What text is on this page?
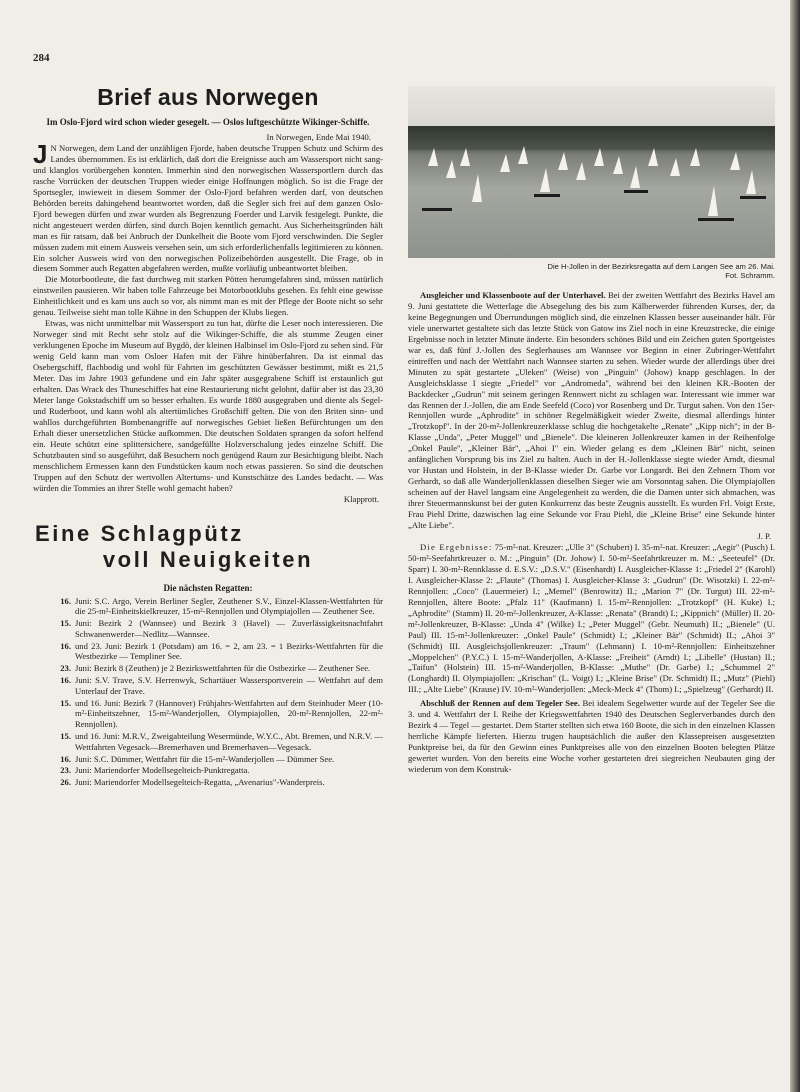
284
Brief aus Norwegen
Im Oslo-Fjord wird schon wieder gesegelt. — Oslos luftgeschützte Wikinger-Schiffe.
In Norwegen, Ende Mai 1940.

J N Norwegen, dem Land der unzähligen Fjorde, haben deutsche Truppen Schutz und Schirm des Landes übernommen. Es ist erklärlich, daß dort die Ereignisse auch am Wassersport nicht sang- und klanglos vorübergehen konnten. Immerhin sind den norwegischen Wassersportlern durch das rasche Vorrücken der deutschen Truppen wieder einige Hoffnungen möglich. So ist die Frage der Sportsegler, inwieweit in diesem Sommer der Oslo-Fjord befahren werden darf, von deutschen Behörden bereits dahingehend beantwortet worden, daß die Segler sich frei auf dem ganzen Oslo-Fjord bewegen dürfen und zwar wurden als Begrenzung Foerder und Larvik festgelegt. Punkte, die nicht angesteuert werden dürfen, sind durch Bojen kenntlich gemacht. Aus Sicherheitsgründen hält man es für ratsam, daß bei Anbruch der Dunkelheit die Boote vom Fjord verschwinden. Die Segler müssen zudem mit einem Ausweis versehen sein, um sich erforderlichenfalls legitimieren zu können. Ein solcher Ausweis wird von den norwegischen Polizeibehörden ausgestellt. Die Frage, ob in diesem Sommer auch Regatten abgefahren werden, mußte vorläufig unbeantwortet bleiben.

Die Motorbootleute, die fast durchweg mit starken Pötten herumgefahren sind, müssen natürlich einstweilen pausieren. Wir haben tolle Fahrzeuge bei Motorbootklubs gesehen. Es fehlt eine gewisse Einheitlichkeit und es kam uns auch so vor, als nimmt man es mit der Pflege der Boote nicht so sehr genau. Teilweise sieht man tolle Kähne in den Schuppen der Klubs liegen.

Etwas, was nicht unmittelbar mit Wassersport zu tun hat, dürfte die Leser noch interessieren. Die Norweger sind mit Recht sehr stolz auf die Wikinger-Schiffe, die als stumme Zeugen einer verklungenen Epoche im Museum auf Bygdö, der kleinen Halbinsel im Oslo-Fjord zu sehen sind. Für wenig Geld kann man vom Osloer Hafen mit der Fähre hinüberfahren. Da ist einmal das Osebergschiff, flachbodig und wohl für Fahrten im geschützten Gewässer bestimmt, mißt es 21,5 Meter. Das im Jahre 1903 gefundene und ein Jahr später ausgegrabene Schiff ist erstaunlich gut erhalten. Das Wrack des Thuneschiffes hat eine Restaurierung nicht gelohnt, dafür aber ist das 23,30 Meter lange Gokstadschiff um so besser erhalten. Es wurde 1880 ausgegraben und diente als Segel- und Ruderboot, und kann wohl als altertümliches Großschiff gelten. Die von den Briten sinn- und wahllos durchgeführten Bombenangriffe auf norwegisches Gebiet ließen Befürchtungen um den Erhalt dieser unersetzlichen Stücke aufkommen. Die deutschen Soldaten sprangen da sofort helfend ein. Heute schützt eine splittersichere, sandgefüllte Holzverschalung jedes einzelne Schiff. Die Schutzbauten sind so ausgeführt, daß Besuchern noch genügend Raum zur Besichtigung bleibt. Nach menschlichem Ermessen kann den Fundstücken kaum noch etwas passieren. So sind die deutschen Truppen auf den Schutz der wertvollen Altertums- und Kunstschätze des Landes bedacht. — Was würden die Tommies an ihrer Stelle wohl gemacht haben?

Klapprott.
Eine Schlagpütz
voll Neuigkeiten
Die nächsten Regatten:
16. Juni: S.C. Argo, Verein Berliner Segler, Zeuthener S.V., Einzel-Klassen-Wettfahrten für die 25-m²-Einheitskielkreuzer, 15-m²-Rennjollen und Olympiajollen — Zeuthener See.
15. Juni: Bezirk 2 (Wannsee) und Bezirk 3 (Havel) — Zuverlässigkeitsnachtfahrt Schwanenwerder—Nedlitz—Wannsee.
16. und 23. Juni: Bezirk 1 (Potsdam) am 16. = 2, am 23. = 1 Bezirks-Wettfahrten für die Westbezirke — Templiner See.
23. Juni: Bezirk 8 (Zeuthen) je 2 Bezirkswettfahrten für die Ostbezirke — Zeuthener See.
16. Juni: S.V. Trave, S.V. Herrenwyk, Schartäuer Wassersportverein — Wettfahrt auf dem Unterlauf der Trave.
15. und 16. Juni: Bezirk 7 (Hannover) Frühjahrs-Wettfahrten auf dem Steinhuder Meer (10-m²-Einheitszehner, 15-m²-Wanderjollen, Olympiajollen, 20-m²-Rennjollen, 22-m²-Rennjollen).
15. und 16. Juni: M.R.V., Zweigabteilung Wesermünde, W.Y.C., Abt. Bremen, und N.R.V. — Wettfahrten Vegesack—Bremerhaven und Bremerhaven—Vegesack.
16. Juni: S.C. Dümmer, Wettfahrt für die 15-m²-Wanderjollen — Dümmer See.
23. Juni: Mariendorfer Modellsegelteich-Punktregatta.
26. Juni: Mariendorfer Modellsegelteich-Regatta, „Avenarius"-Wanderpreis.
Die H-Jollen in der Bezirksregatta auf dem Langen See am 26. Mai.
Fot. Schramm.

Ausgleicher und Klassenboote auf der Unterhavel. Bei der zweiten Wettfahrt des Bezirks Havel am 9. Juni gestattete die Wetterlage die Absegelung des bis zum Kälberwerder führenden Kurses, der, da keine Begegnungen und Überrundungen möglich sind, die einzelnen Klassen besser auseinander hält. Für viele unerwartet gestaltete sich das letzte Stück von Gatow ins Ziel noch in eine Kreuzstrecke, die einige Ergebnisse noch in letzter Minute änderte. Ein besonders schönes Bild und ein Zeichen guten Sportgeistes war es, daß fünf J.-Jollen des Seglerhauses am Wannsee vor Beginn in einer Zubringer-Wettfahrt eintreffen und nach der Wettfahrt nach Wannsee starten zu sehen. Wieder wurde der allerdings über drei Minuten zu spät gestartete „Uleken" (Weise) von „Pinguin" (Johow) knapp geschlagen. In der Ausgleichsklasse I siegte „Friedel" vor „Andromeda", während bei den kleinen KR.-Booten der Backdecker „Gudrun" mit seinem geringen Rennwert nicht zu schlagen war. Interessant wie immer war das Rennen der J.-Jollen, die am Ende Seefeld (Coco) vor Rosenberg und Dr. Turgut sahen. Von den 15er-Rennjollen wurde „Aphrodite" in schöner Regelmäßigkeit wieder Zweite, diesmal allerdings hinter „Trotzkopf". In der 20-m²-Jollenkreuzerklasse schlug die hochgetakelte „Renate" „Kipp nich"; in der B-Klasse „Unda", „Peter Muggel" und „Bienele". Die kleineren Jollenkreuzer kamen in der Reihenfolge „Onkel Paule", „Kleiner Bär", „Ahoi I" ein. Wieder gelang es dem „Kleinen Bär" nicht, seinen anfänglichen Vorsprung bis ins Ziel zu halten. Auch in der H.-Jollenklasse siegte wieder Arndt, diesmal vor Hustan und Holstein, in der B-Klasse wieder Dr. Garbe vor Longardt. Bei den Zehnern Thom vor Gerhardt, so daß alle Wanderjollenklassen dieselben Sieger wie am Vorsonntag sahen. Die Olympiajollen scheinen auf der Havel langsam eine Angelegenheit zu werden, die die Damen unter sich abmachen, was ihrer Steuermannskunst bei der guten Konkurrenz das beste Zeugnis ausstellt. Es wurden Frl. Voigt Erste, Frau Piehl Dritte, dazwischen lag eine Sekunde vor Frau Piehl, die „Kleine Brise" eine Sekunde hinter „Alte Liebe".

J. P.

Die Ergebnisse: 75-m²-nat. Kreuzer: „Ulle 3" (Schubert) I. 35-m²-nat. Kreuzer: „Aegir" (Pusch) I. 50-m²-Seefahrtkreuzer o. M.: „Pinguin" (Dr. Johow) I. 50-m²-Seefahrtkreuzer m. M.: „Seeteufel" (Dr. Sparr) I. 30-m²-Rennklasse d. E.S.V.: „D.S.V." (Eisenhardt) I. Ausgleicher-Klasse 1: „Friedel 2" (Karohl) I. Ausgleicher-Klasse 2: „Flaute" (Thomas) I. Ausgleicher-Klasse 3: „Gudrun" (Dr. Wisotzki) I. 22-m²-Rennjollen: „Coco" (Lauermeier) I.; „Memel" (Benrowitz) II.; „Marion 7" (Dr. Turgut) III. 22-m²-Rennjollen, ältere Boote: „Pfalz 11" (Kaufmann) I. 15-m²-Rennjollen: „Trotzkopf" (H. Kuke) I.; „Aphrodite" (Stamm) II. 20-m²-Jollenkreuzer, A-Klasse: „Renata" (Brandt) I.; „Kippnich" (Müller) II. 20-m²-Jollenkreuzer, B-Klasse: „Unda 4" (Wilke) I.; „Peter Muggel" (Gebr. Neumuth) II.; „Bienele" (U. Paul) III. 15-m²-Jollenkreuzer: „Onkel Paule" (Schmidt) I.; „Kleiner Bär" (Schmidt) II.; „Ahoi 3" (Schmidt) III. Ausgleichsjollenkreuzer: „Traum" (Lehmann) I. 10-m²-Rennjollen: Einheitszehner „Moppelchen" (P.Y.C.) I. 15-m²-Wanderjollen, A-Klasse: „Freiheit" (Arndt) I.; „Libelle" (Hustan) II.; „Taifun" (Holstein) III. 15-m²-Wanderjollen, B-Klasse: „Muthe" (Dr. Garbe) I.; „Schummel 2" (Longhardt) II. Olympiajollen: „Krischan" (L. Voigt) I.; „Kleine Brise" (Dr. Schmidt) II.; „Mutz" (Piehl) III.; „Alte Liebe" (Krause) IV. 10-m²-Wanderjollen: „Meck-Meck 4" (Thom) I.; „Spielzeug" (Gerhardt) II.

Abschluß der Rennen auf dem Tegeler See. Bei idealem Segelwetter wurde auf der Tegeler See die 3. und 4. Wettfahrt der I. Reihe der Kriegswettfahrten 1940 des Deutschen Seglerverbandes durch den Bezirk 4 — Tegel — gestartet. Dem Starter stellten sich etwa 160 Boote, die sich in den einzelnen Klassen herrliche Kämpfe lieferten. Hierzu trugen hauptsächlich die außer den Klassepreisen ausgesetzten Punktpreise bei, da für den Gewinn eines Punktpreises alle von den einzelnen Booten belegten Plätze gewertet wurden. Von den bereits eine Woche vorher gestarteten drei siegreichen Neubauten ging der wiederum von dem Konstruk-
